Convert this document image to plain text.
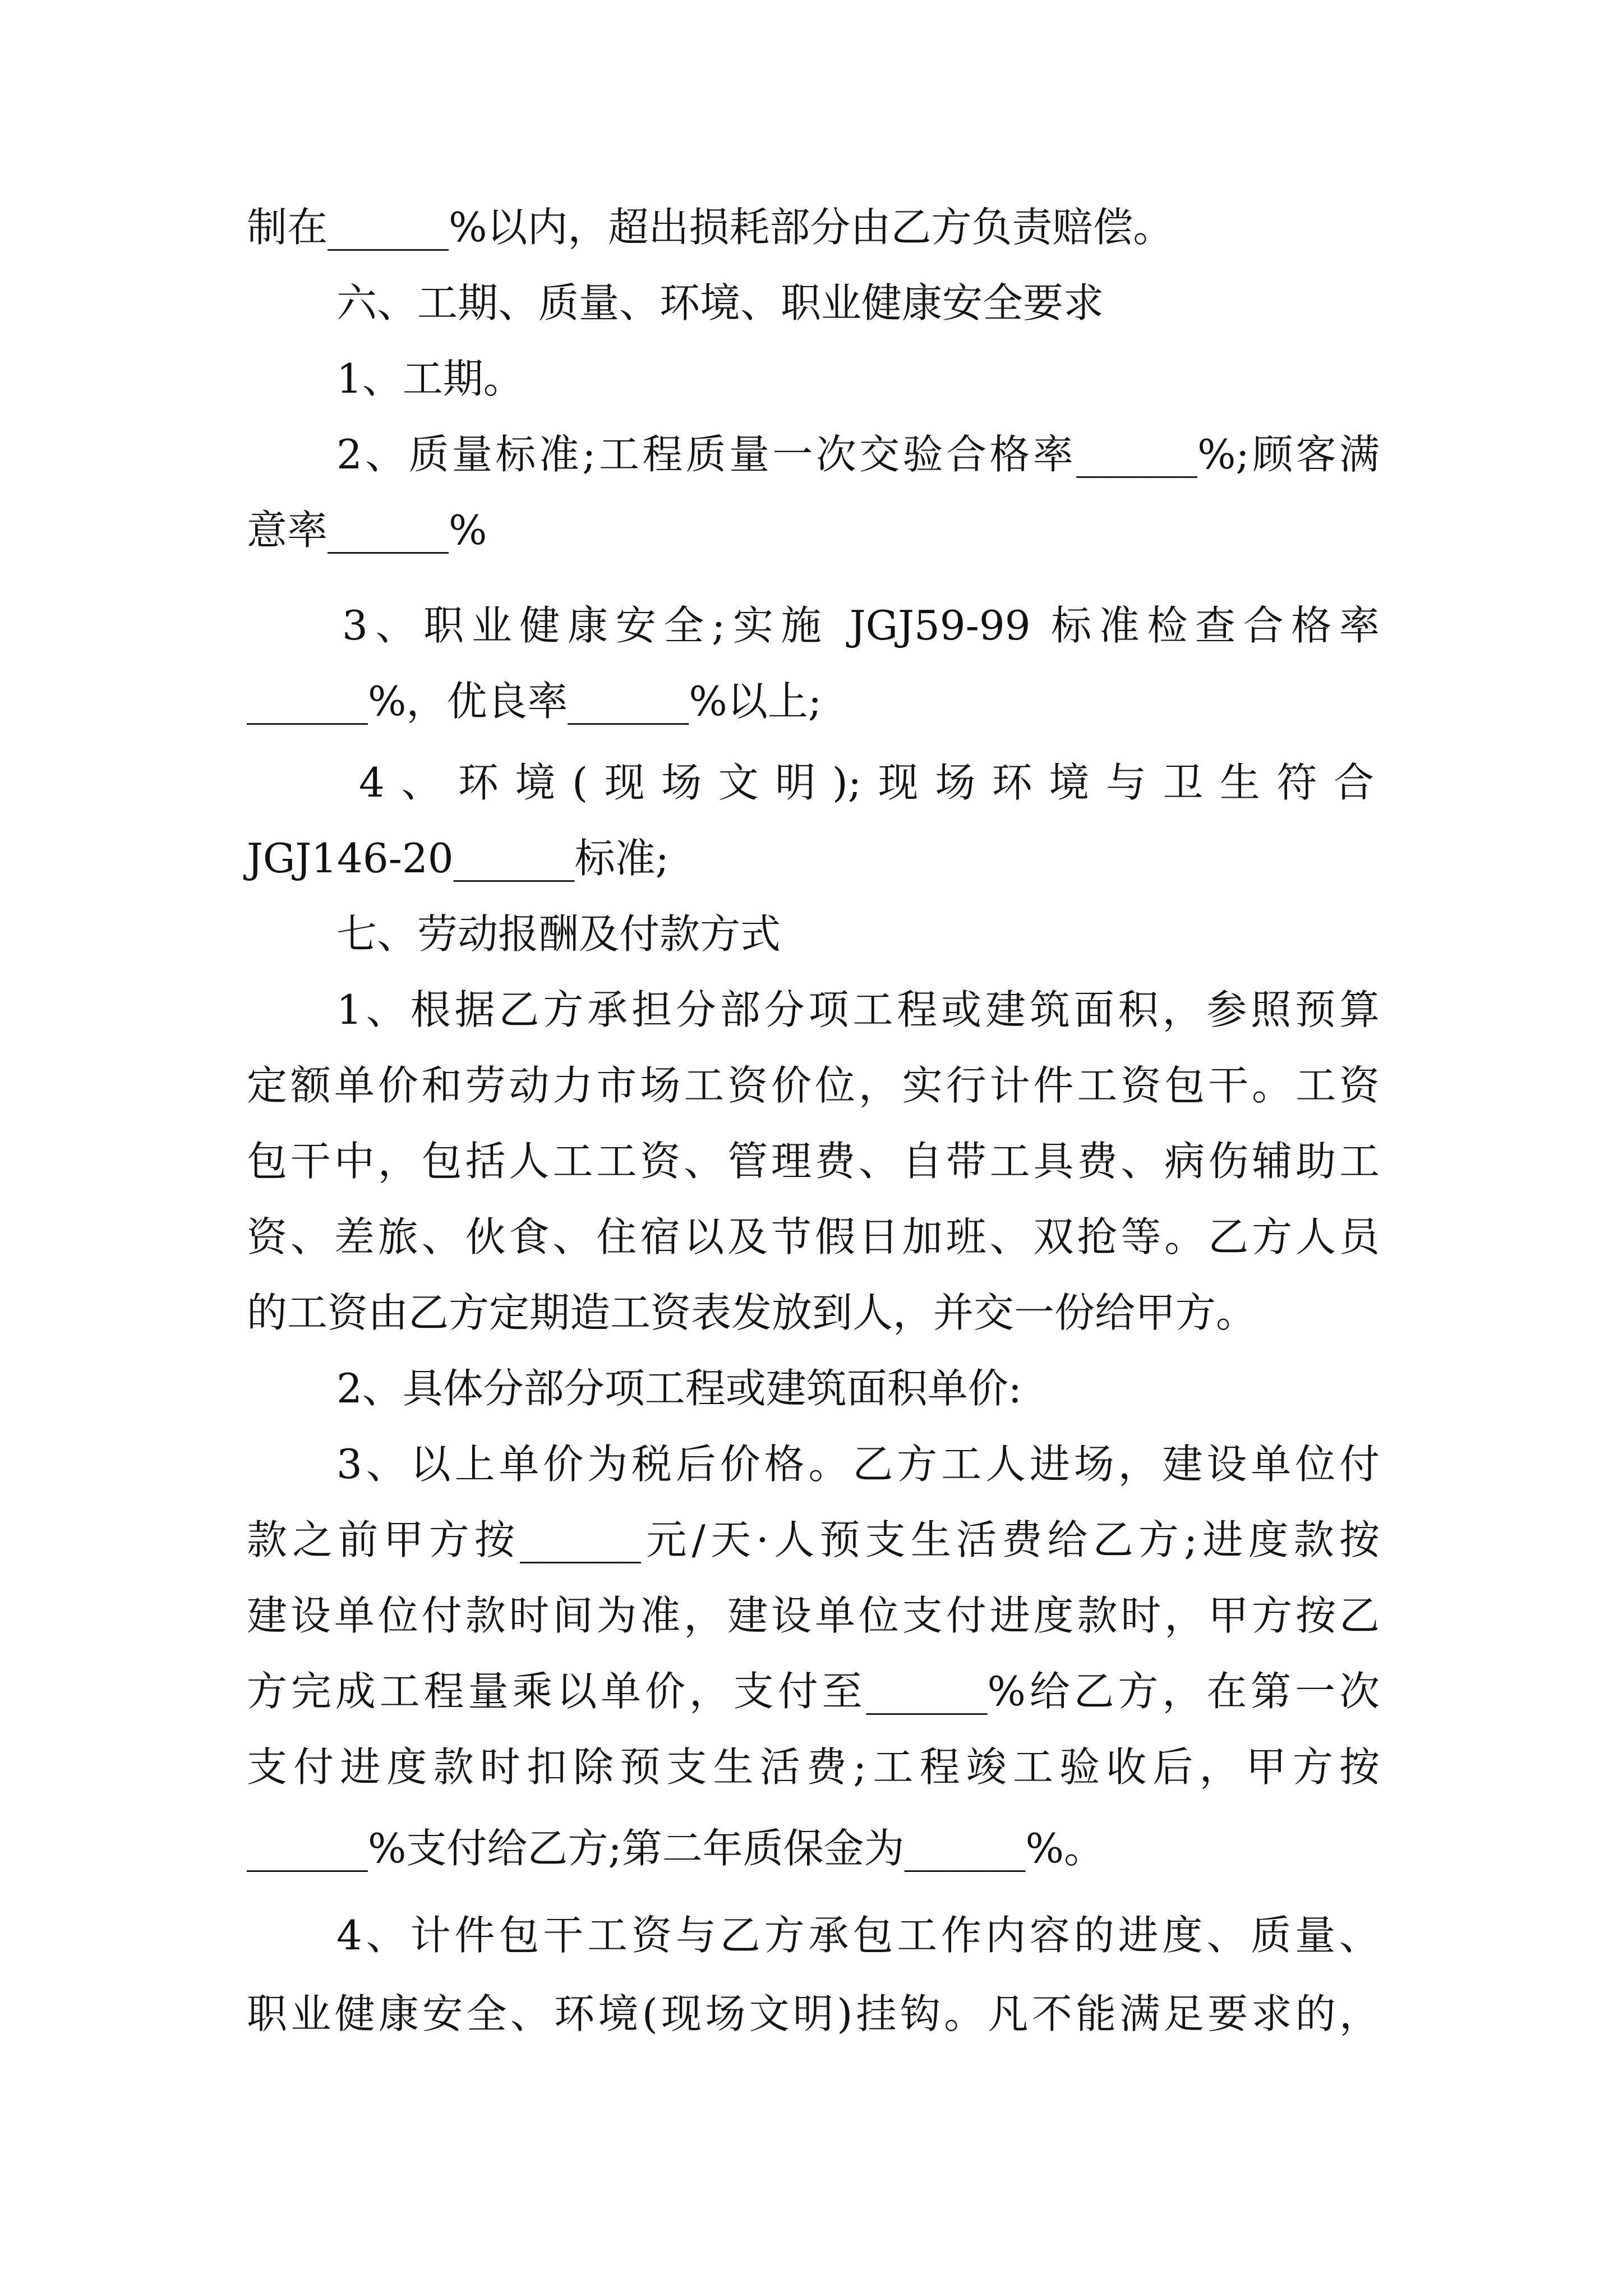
制在______%以内，超出损耗部分由乙方负责赔偿。
六、工期、质量、环境、职业健康安全要求
1、工期。
2、质量标准;工程质量一次交验合格率______%;顾客满
意率______%
3、职业健康安全;实施 JGJ59-99 标准检查合格率
______%，优良率______%以上;
4、环境(现场文明);现场环境与卫生符合
JGJ146-20______标准;
七、劳动报酬及付款方式
1、根据乙方承担分部分项工程或建筑面积，参照预算
定额单价和劳动力市场工资价位，实行计件工资包干。工资
包干中，包括人工工资、管理费、自带工具费、病伤辅助工
资、差旅、伙食、住宿以及节假日加班、双抢等。乙方人员
的工资由乙方定期造工资表发放到人，并交一份给甲方。
2、具体分部分项工程或建筑面积单价:
3、以上单价为税后价格。乙方工人进场，建设单位付
款之前甲方按______元/天·人预支生活费给乙方;进度款按
建设单位付款时间为准，建设单位支付进度款时，甲方按乙
方完成工程量乘以单价，支付至______%给乙方，在第一次
支付进度款时扣除预支生活费;工程竣工验收后，甲方按
______%支付给乙方;第二年质保金为______%。
4、计件包干工资与乙方承包工作内容的进度、质量、
职业健康安全、环境(现场文明)挂钩。凡不能满足要求的，
